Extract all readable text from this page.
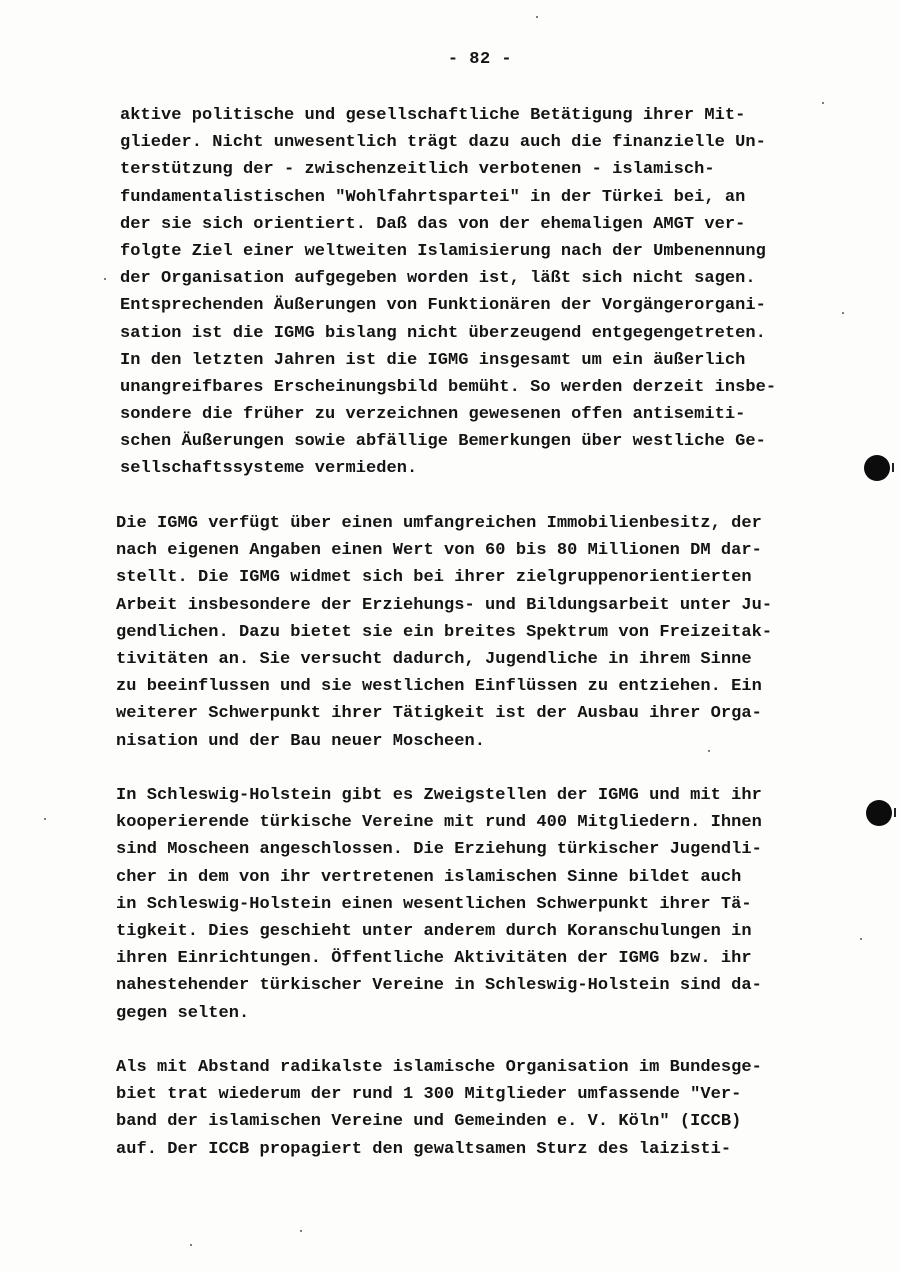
- 82 -
aktive politische und gesellschaftliche Betätigung ihrer Mit-
glieder. Nicht unwesentlich trägt dazu auch die finanzielle Un-
terstützung der - zwischenzeitlich verbotenen - islamisch-
fundamentalistischen "Wohlfahrtspartei" in der Türkei bei, an
der sie sich orientiert. Daß das von der ehemaligen AMGT ver-
folgte Ziel einer weltweiten Islamisierung nach der Umbenennung
der Organisation aufgegeben worden ist, läßt sich nicht sagen.
Entsprechenden Äußerungen von Funktionären der Vorgängerorgani-
sation ist die IGMG bislang nicht überzeugend entgegengetreten.
In den letzten Jahren ist die IGMG insgesamt um ein äußerlich
unangreifbares Erscheinungsbild bemüht. So werden derzeit insbe-
sondere die früher zu verzeichnen gewesenen offen antisemiti-
schen Äußerungen sowie abfällige Bemerkungen über westliche Ge-
sellschaftssysteme vermieden.
Die IGMG verfügt über einen umfangreichen Immobilienbesitz, der
nach eigenen Angaben einen Wert von 60 bis 80 Millionen DM dar-
stellt. Die IGMG widmet sich bei ihrer zielgruppenorientierten
Arbeit insbesondere der Erziehungs- und Bildungsarbeit unter Ju-
gendlichen. Dazu bietet sie ein breites Spektrum von Freizeitak-
tivitäten an. Sie versucht dadurch, Jugendliche in ihrem Sinne
zu beeinflussen und sie westlichen Einflüssen zu entziehen. Ein
weiterer Schwerpunkt ihrer Tätigkeit ist der Ausbau ihrer Orga-
nisation und der Bau neuer Moscheen.
In Schleswig-Holstein gibt es Zweigstellen der IGMG und mit ihr
kooperierende türkische Vereine mit rund 400 Mitgliedern. Ihnen
sind Moscheen angeschlossen. Die Erziehung türkischer Jugendli-
cher in dem von ihr vertretenen islamischen Sinne bildet auch
in Schleswig-Holstein einen wesentlichen Schwerpunkt ihrer Tä-
tigkeit. Dies geschieht unter anderem durch Koranschulungen in
ihren Einrichtungen. Öffentliche Aktivitäten der IGMG bzw. ihr
nahestehender türkischer Vereine in Schleswig-Holstein sind da-
gegen selten.
Als mit Abstand radikalste islamische Organisation im Bundesge-
biet trat wiederum der rund 1 300 Mitglieder umfassende "Ver-
band der islamischen Vereine und Gemeinden e. V. Köln" (ICCB)
auf. Der ICCB propagiert den gewaltsamen Sturz des laizisti-
